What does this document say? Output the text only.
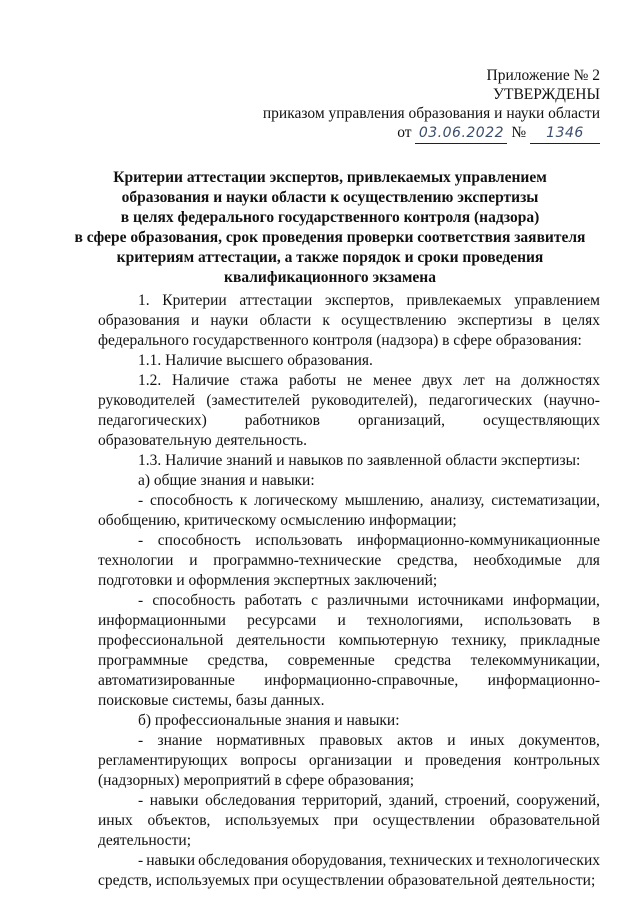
Приложение № 2
УТВЕРЖДЕНЫ
приказом управления образования и науки области
от 03.06.2022 № 1346
Критерии аттестации экспертов, привлекаемых управлением
образования и науки области к осуществлению экспертизы
в целях федерального государственного контроля (надзора)
в сфере образования, срок проведения проверки соответствия заявителя
критериям аттестации, а также порядок и сроки проведения
квалификационного экзамена
1. Критерии аттестации экспертов, привлекаемых управлением
образования и науки области к осуществлению экспертизы в целях
федерального государственного контроля (надзора) в сфере образования:
1.1. Наличие высшего образования.
1.2. Наличие стажа работы не менее двух лет на должностях
руководителей (заместителей руководителей), педагогических (научно-
педагогических) работников организаций, осуществляющих
образовательную деятельность.
1.3. Наличие знаний и навыков по заявленной области экспертизы:
а) общие знания и навыки:
- способность к логическому мышлению, анализу, систематизации,
обобщению, критическому осмыслению информации;
- способность использовать информационно-коммуникационные
технологии и программно-технические средства, необходимые для
подготовки и оформления экспертных заключений;
- способность работать с различными источниками информации,
информационными ресурсами и технологиями, использовать в
профессиональной деятельности компьютерную технику, прикладные
программные средства, современные средства телекоммуникации,
автоматизированные информационно-справочные, информационно-
поисковые системы, базы данных.
б) профессиональные знания и навыки:
- знание нормативных правовых актов и иных документов,
регламентирующих вопросы организации и проведения контрольных
(надзорных) мероприятий в сфере образования;
- навыки обследования территорий, зданий, строений, сооружений,
иных объектов, используемых при осуществлении образовательной
деятельности;
- навыки обследования оборудования, технических и технологических
средств, используемых при осуществлении образовательной деятельности;
